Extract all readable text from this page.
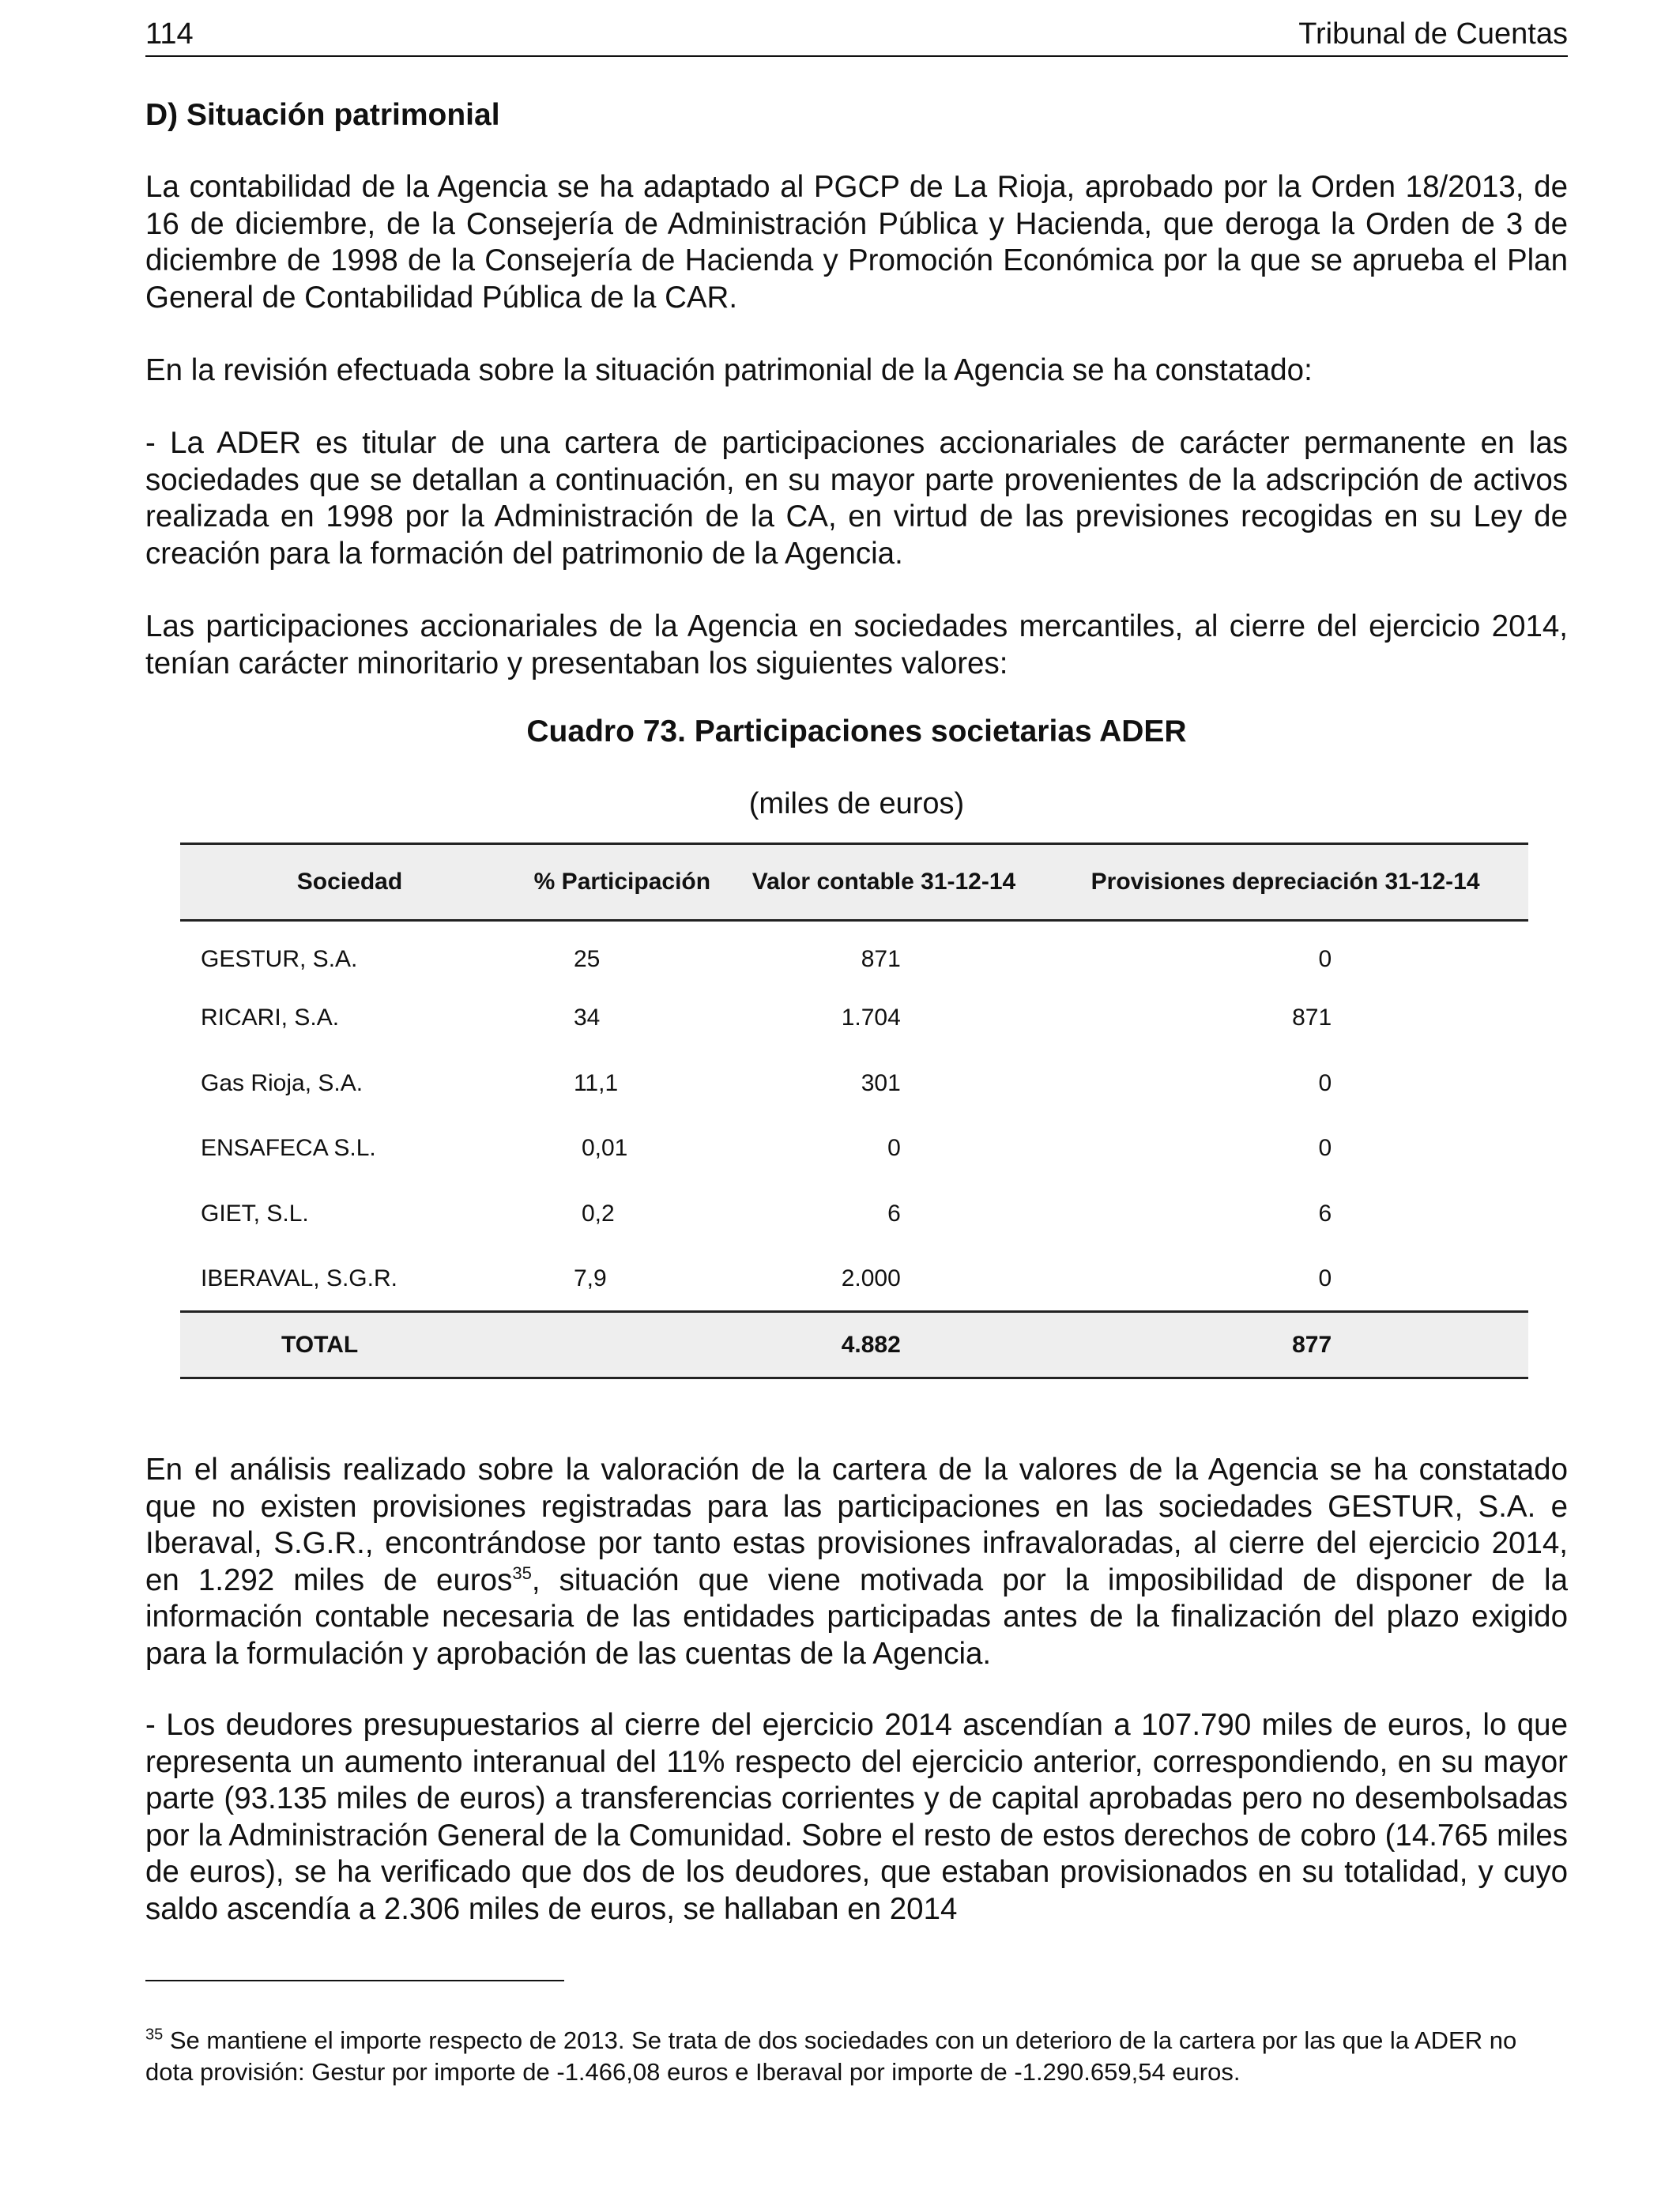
114	Tribunal de Cuentas
D) Situación patrimonial

La contabilidad de la Agencia se ha adaptado al PGCP de La Rioja, aprobado por la Orden 18/2013, de 16 de diciembre, de la Consejería de Administración Pública y Hacienda, que deroga la Orden de 3 de diciembre de 1998 de la Consejería de Hacienda y Promoción Económica por la que se aprueba el Plan General de Contabilidad Pública de la CAR.

En la revisión efectuada sobre la situación patrimonial de la Agencia se ha constatado:

- La ADER es titular de una cartera de participaciones accionariales de carácter permanente en las sociedades que se detallan a continuación, en su mayor parte provenientes de la adscripción de activos realizada en 1998 por la Administración de la CA, en virtud de las previsiones recogidas en su Ley de creación para la formación del patrimonio de la Agencia.

Las participaciones accionariales de la Agencia en sociedades mercantiles, al cierre del ejercicio 2014, tenían carácter minoritario y presentaban los siguientes valores:

Cuadro 73. Participaciones societarias ADER
(miles de euros)
Sociedad	% Participación	Valor contable 31-12-14	Provisiones depreciación 31-12-14
GESTUR, S.A.	25	871	0
RICARI, S.A.	34	1.704	871
Gas Rioja, S.A.	11,1	301	0
ENSAFECA S.L.	0,01	0	0
GIET, S.L.	0,2	6	6
IBERAVAL, S.G.R.	7,9	2.000	0
TOTAL		4.882	877

En el análisis realizado sobre la valoración de la cartera de la valores de la Agencia se ha constatado que no existen provisiones registradas para las participaciones en las sociedades GESTUR, S.A. e Iberaval, S.G.R., encontrándose por tanto estas provisiones infravaloradas, al cierre del ejercicio 2014, en 1.292 miles de euros$^{35}$, situación que viene motivada por la imposibilidad de disponer de la información contable necesaria de las entidades participadas antes de la finalización del plazo exigido para la formulación y aprobación de las cuentas de la Agencia.

- Los deudores presupuestarios al cierre del ejercicio 2014 ascendían a 107.790 miles de euros, lo que representa un aumento interanual del 11% respecto del ejercicio anterior, correspondiendo, en su mayor parte (93.135 miles de euros) a transferencias corrientes y de capital aprobadas pero no desembolsadas por la Administración General de la Comunidad. Sobre el resto de estos derechos de cobro (14.765 miles de euros), se ha verificado que dos de los deudores, que estaban provisionados en su totalidad, y cuyo saldo ascendía a 2.306 miles de euros, se hallaban en 2014

$^{35}$ Se mantiene el importe respecto de 2013. Se trata de dos sociedades con un deterioro de la cartera por las que la ADER no dota provisión: Gestur por importe de -1.466,08 euros e Iberaval por importe de -1.290.659,54 euros.
